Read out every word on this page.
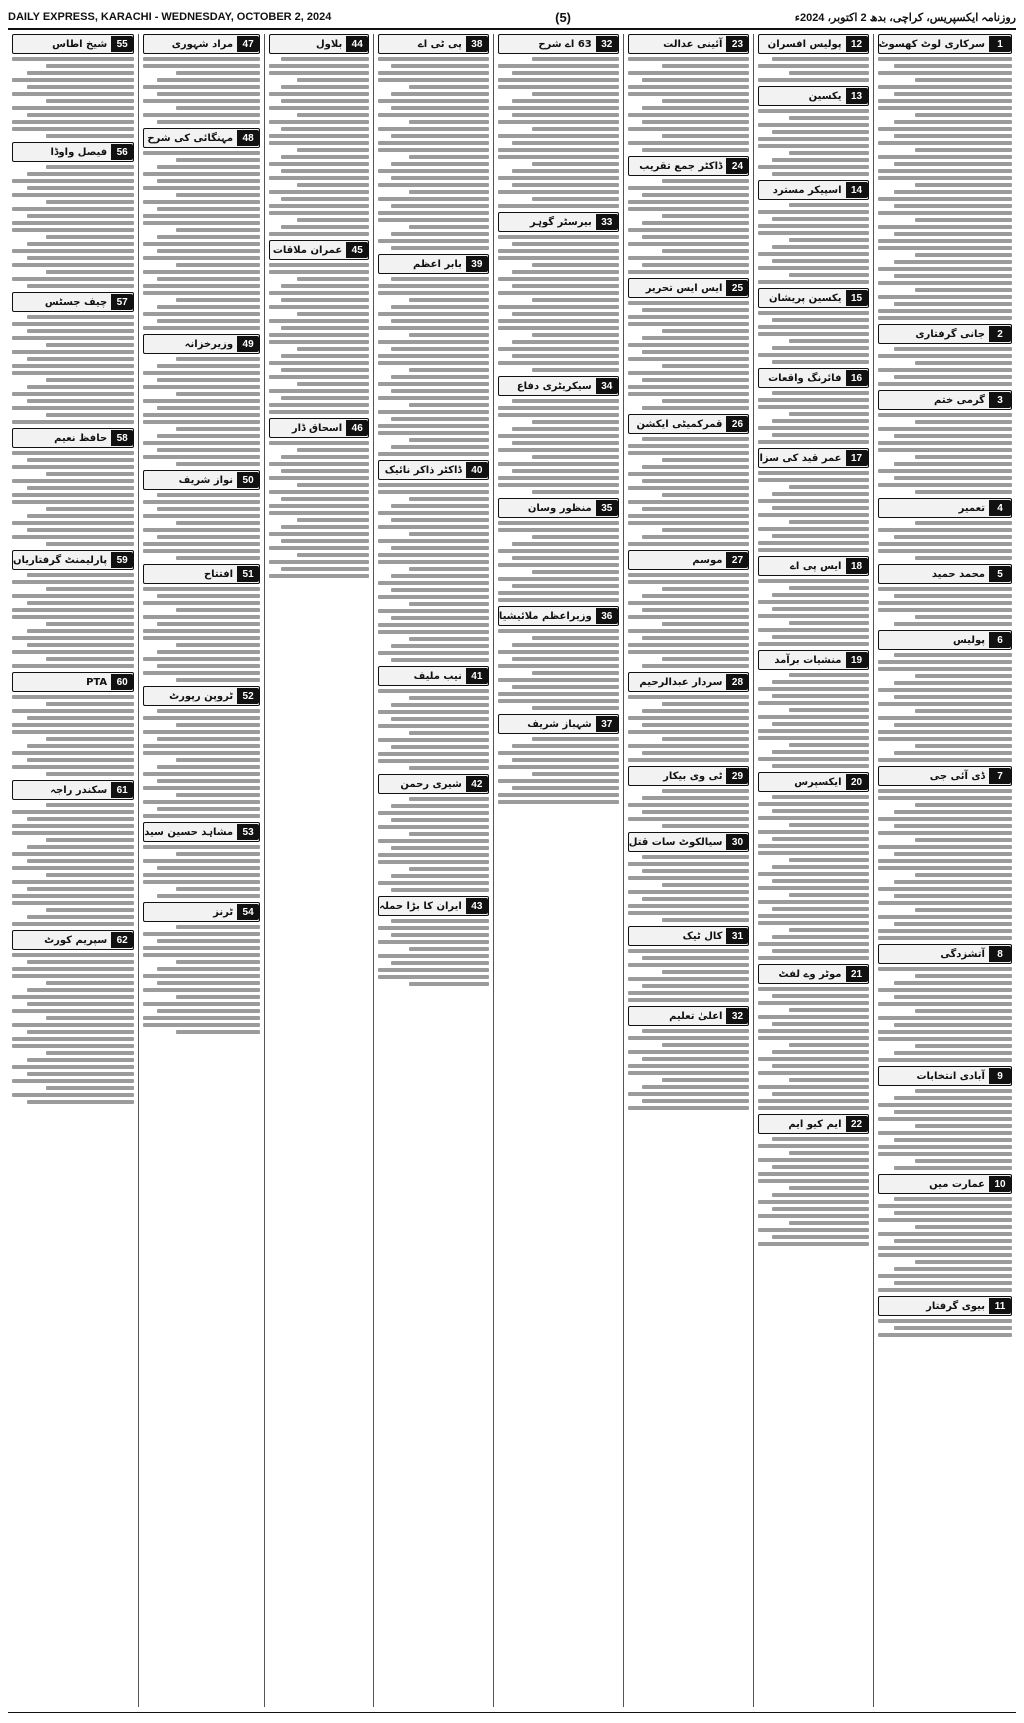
DAILY EXPRESS, KARACHI - WEDNESDAY, OCTOBER 2, 2024	(5)	روزنامہ ایکسپریس، کراچی، بدھ 2 اکتوبر، 2024ء
1
سرکاری لوٹ کھسوٹ
2
جانی گرفتاری
3
گرمی ختم
4
تعمیر
5
محمد حمید
6
پولیس
7
ڈی آئی جی
8
آتشزدگی
9
آبادی انتخابات
10
عمارت میں
11
بیوی گرفتار
12
پولیس افسران
13
یکسین
14
اسپیکر مسترد
15
یکسین پریشان
16
فائرنگ واقعات
17
عمر قید کی سزا
18
ایس پی اے
19
منشیات برآمد
20
ایکسپرس
21
موٹر وے لفٹ
22
ایم کیو ایم
23
آئینی عدالت
24
ڈاکٹر جمع تقریب
25
ایس ایس تحریر
26
قمرکمیٹی ایکشن
27
موسم
28
سردار عبدالرحیم
29
ٹی وی بیکار
30
سیالکوٹ سات قتل
31
کال ٹیک
32
اعلیٰ تعلیم
32
63 اے شرح
33
بیرسٹر گوہر
34
سیکریٹری دفاع
35
منظور وسان
36
وزیراعظم ملائیشیا
37
شہباز شریف
38
پی ٹی اے
39
بابر اعظم
40
ڈاکٹر ذاکر نائیک
41
نیب ملیف
42
شیری رحمن
43
ایران کا بڑا حملہ
44
بلاول
45
عمران ملاقات
46
اسحاق ڈار
47
مراد شہوری
48
مہنگائی کی شرح
49
وزیرخزانہ
50
نواز شریف
51
افتتاح
52
ٹروپن رپورٹ
53
مشاہد حسین سید
54
ٹرنز
55
شیخ اطاس
56
فیصل واوڈا
57
چیف جسٹس
58
حافظ نعیم
59
پارلیمنٹ گرفتاریاں
60
PTA
61
سکندر راجہ
62
سپریم کورٹ
